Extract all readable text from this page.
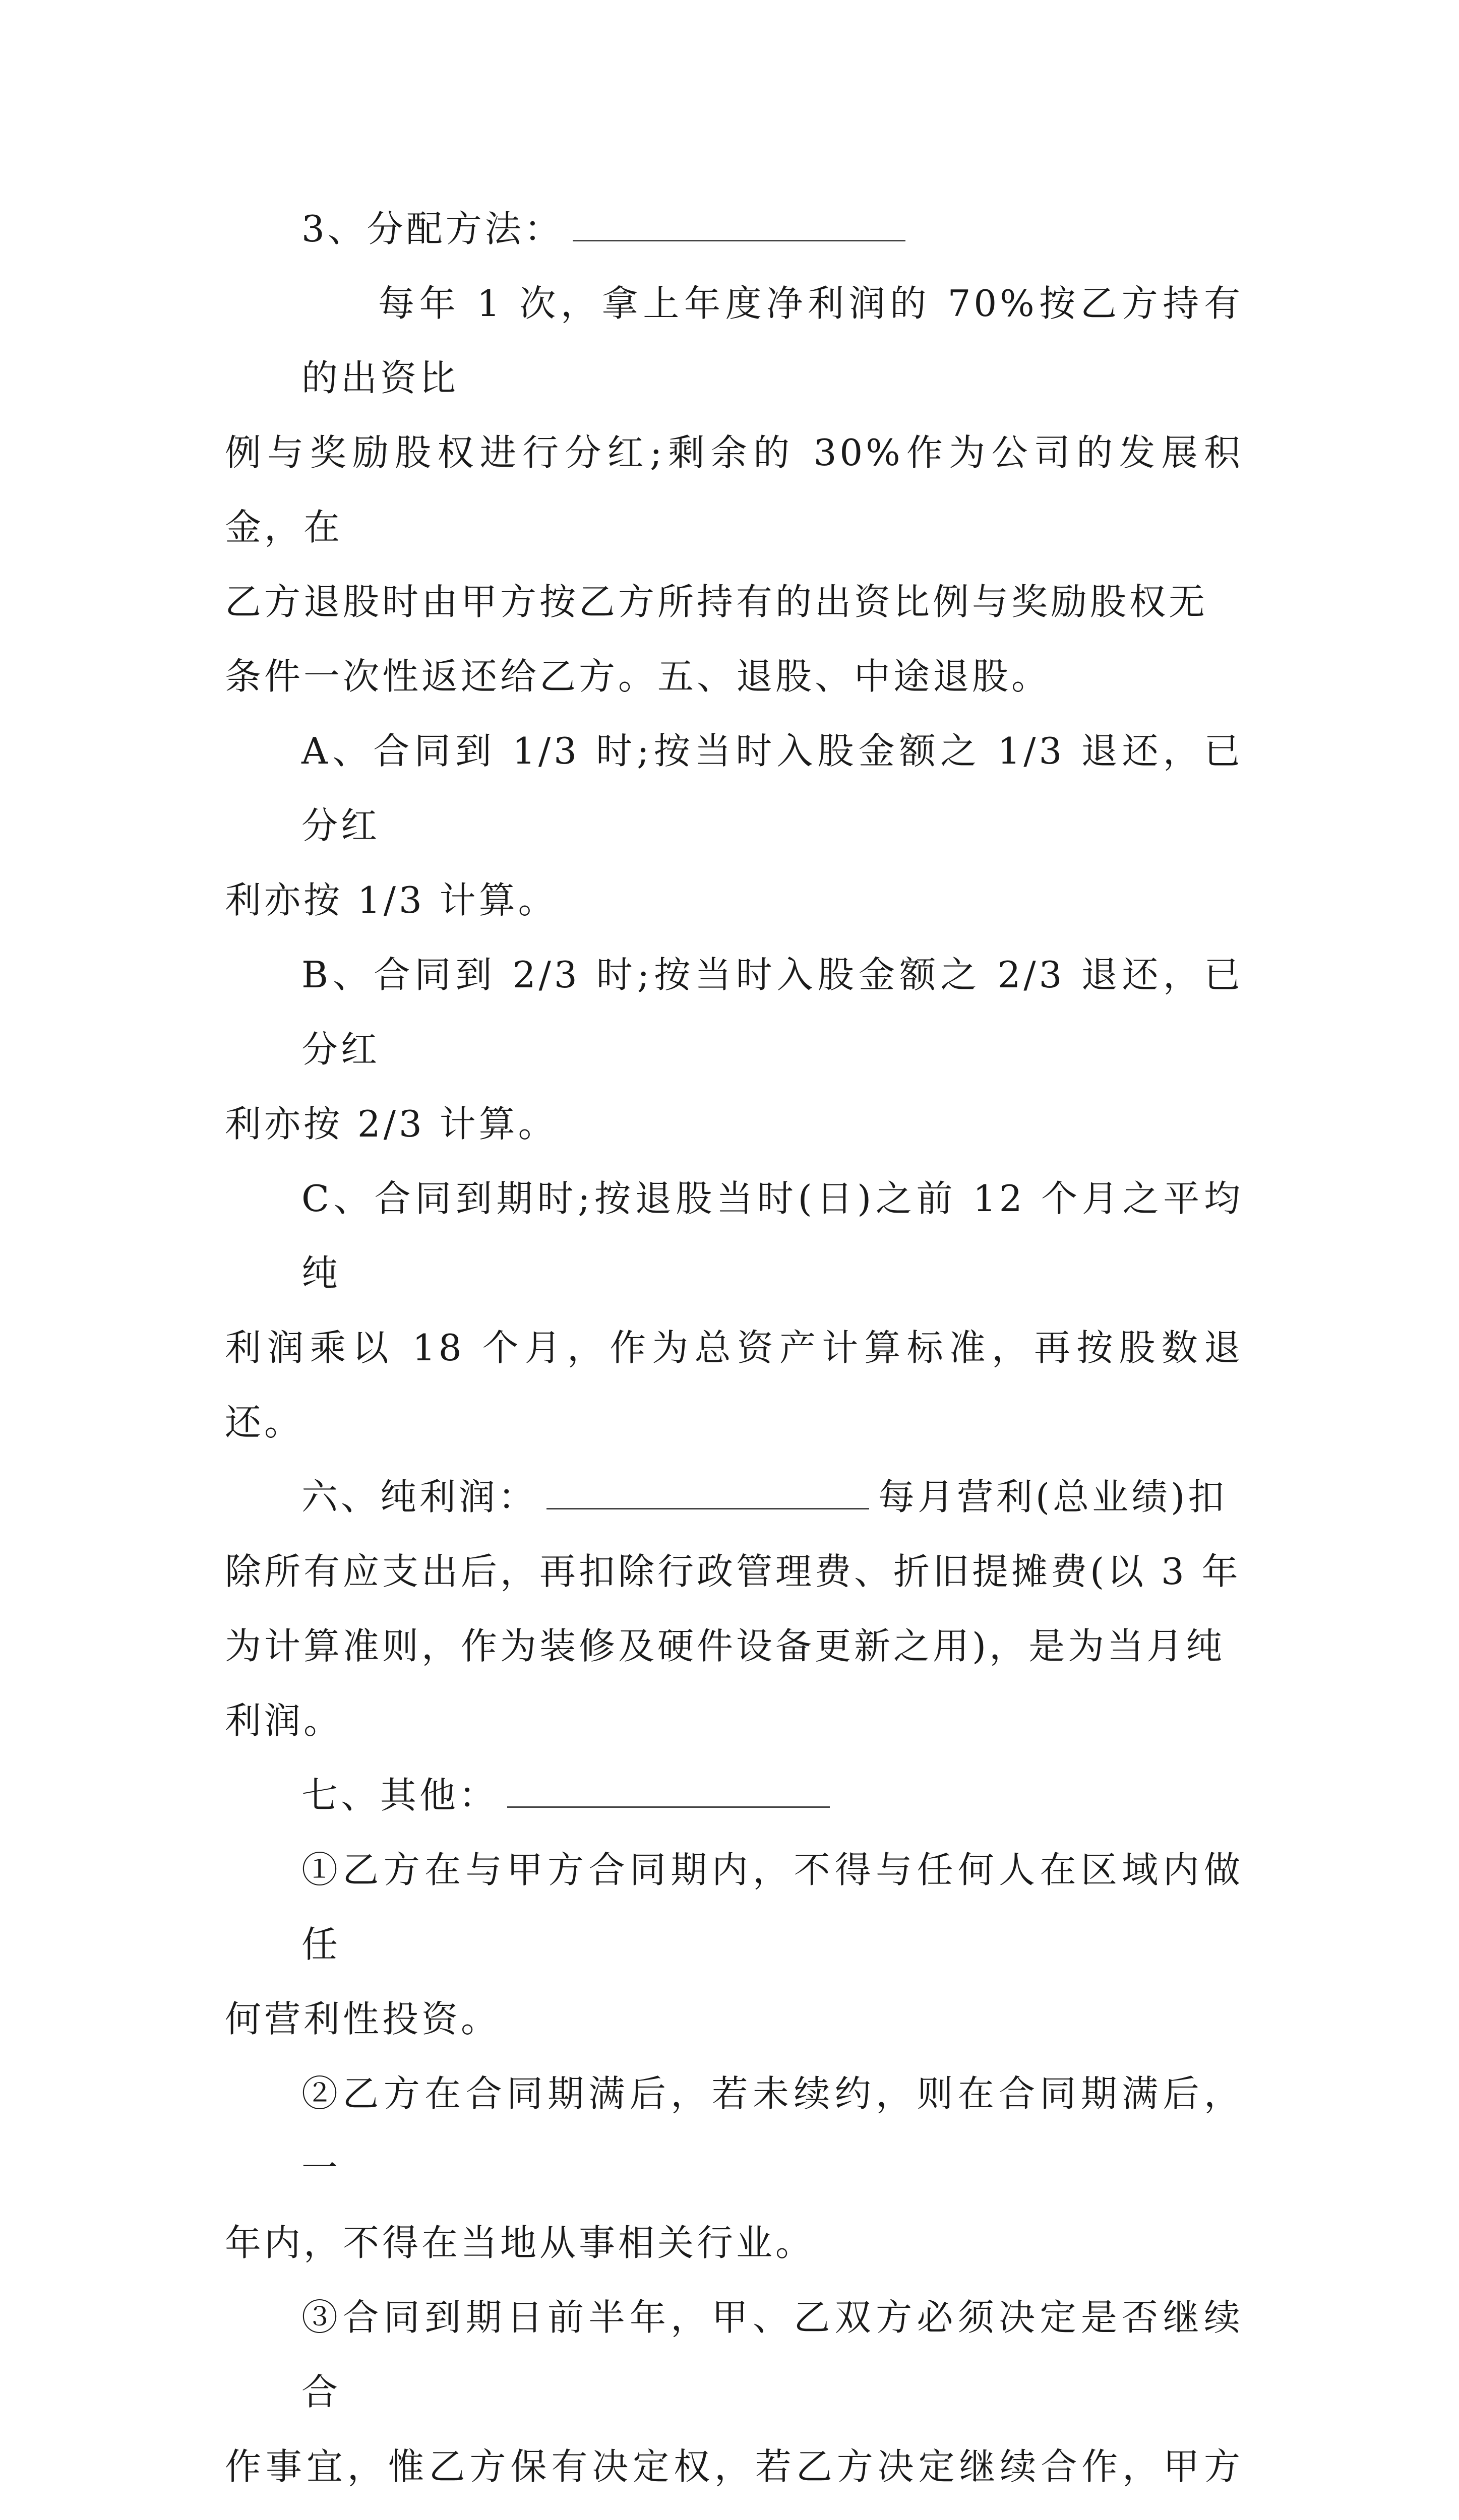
3、分配方法：

每年 1 次，拿上年度净利润的 70%按乙方持有的出资比
例与奖励股权进行分红;剩余的 30%作为公司的发展积金，在
乙方退股时由甲方按乙方所持有的出资比例与奖励股权无
条件一次性返还给乙方。五、退股、中途退股。

A、合同到 1/3 时;按当时入股金额之 1/3 退还，已分红
利亦按 1/3 计算。

B、合同到 2/3 时;按当时入股金额之 2/3 退还，已分红
利亦按 2/3 计算。

C、合同到期时;按退股当时(日)之前 12 个月之平均纯
利润乘以 18 个月，作为总资产计算标准，再按股数退还。

六、纯利润：	每月营利(总业绩)扣
除所有应支出后，再扣除行政管理费、折旧提摊费(以 3 年
为计算准则，作为装修及硬件设备更新之用)，是为当月纯
利润。

七、其他：

①乙方在与甲方合同期内，不得与任何人在区域内做任
何营利性投资。

②乙方在合同期满后，若未续约，则在合同期满后，一
年内，不得在当地从事相关行业。

③合同到期日前半年，甲、乙双方必须决定是否继续合
作事宜，惟乙方保有决定权，若乙方决定继续合作，甲方
